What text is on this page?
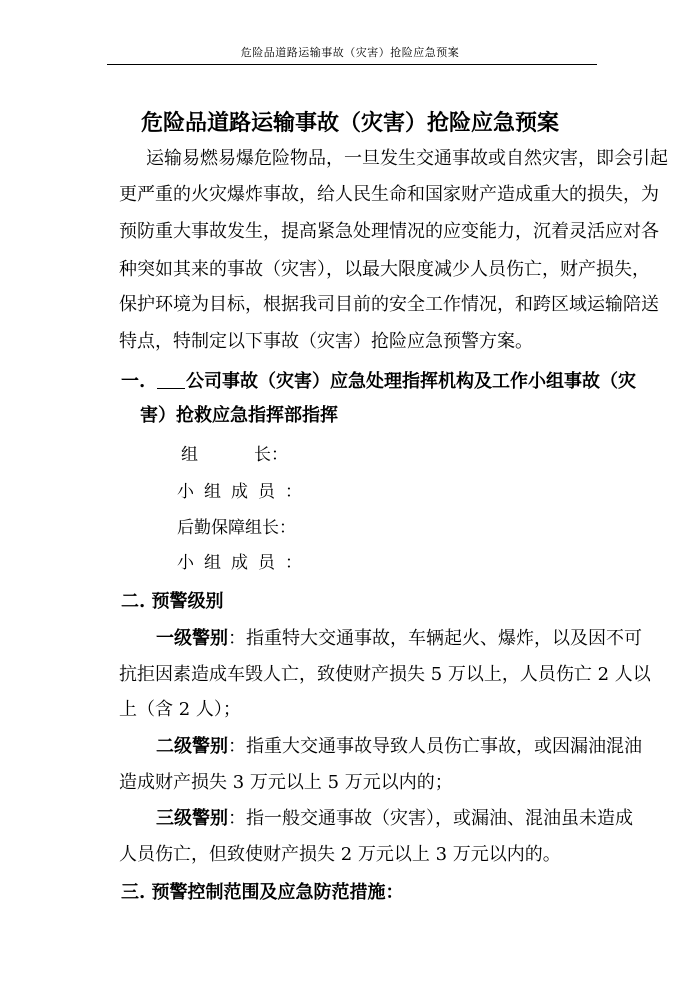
危险品道路运输事故（灾害）抢险应急预案
危险品道路运输事故（灾害）抢险应急预案
运输易燃易爆危险物品，一旦发生交通事故或自然灾害，即会引起
更严重的火灾爆炸事故，给人民生命和国家财产造成重大的损失，为
预防重大事故发生，提高紧急处理情况的应变能力，沉着灵活应对各
种突如其来的事故（灾害），以最大限度减少人员伤亡，财产损失，
保护环境为目标，根据我司目前的安全工作情况，和跨区域运输陪送
特点，特制定以下事故（灾害）抢险应急预警方案。
一.	公司事故（灾害）应急处理指挥机构及工作小组事故（灾
害）抢救应急指挥部指挥
组	长：
小组成员：
后勤保障组长：
小组成员：
二. 预警级别
一级警别：指重特大交通事故，车辆起火、爆炸，以及因不可
抗拒因素造成车毁人亡，致使财产损失 5 万以上，人员伤亡 2 人以
上（含 2 人）；
二级警别：指重大交通事故导致人员伤亡事故，或因漏油混油
造成财产损失 3 万元以上 5 万元以内的；
三级警别：指一般交通事故（灾害），或漏油、混油虽未造成
人员伤亡，但致使财产损失 2 万元以上 3 万元以内的。
三. 预警控制范围及应急防范措施：
